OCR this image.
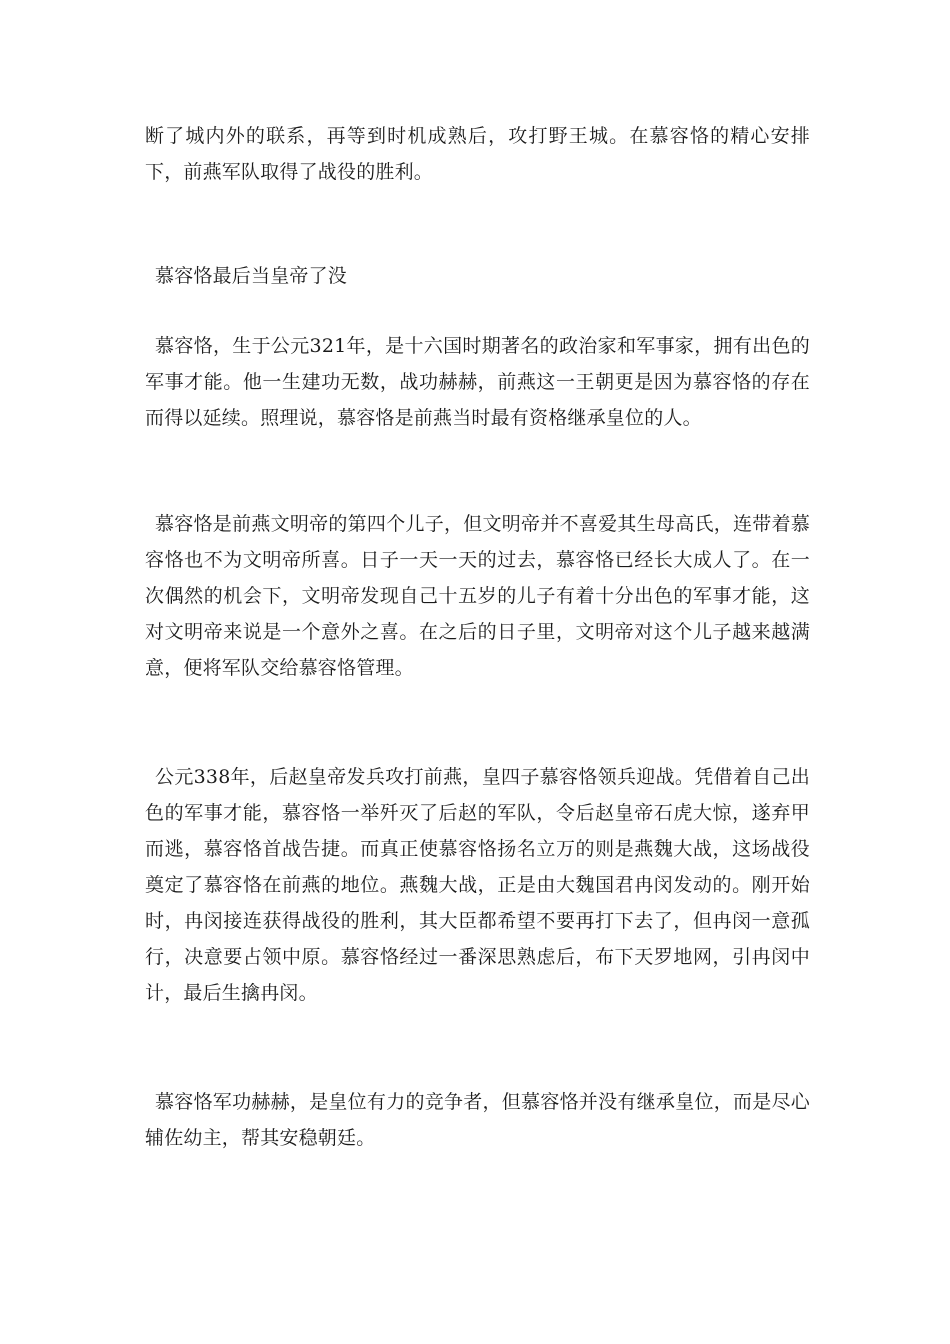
断了城内外的联系，再等到时机成熟后，攻打野王城。在慕容恪的精心安排下，前燕军队取得了战役的胜利。

慕容恪最后当皇帝了没

慕容恪，生于公元321年，是十六国时期著名的政治家和军事家，拥有出色的军事才能。他一生建功无数，战功赫赫，前燕这一王朝更是因为慕容恪的存在而得以延续。照理说，慕容恪是前燕当时最有资格继承皇位的人。

慕容恪是前燕文明帝的第四个儿子，但文明帝并不喜爱其生母高氏，连带着慕容恪也不为文明帝所喜。日子一天一天的过去，慕容恪已经长大成人了。在一次偶然的机会下，文明帝发现自己十五岁的儿子有着十分出色的军事才能，这对文明帝来说是一个意外之喜。在之后的日子里，文明帝对这个儿子越来越满意，便将军队交给慕容恪管理。

公元338年，后赵皇帝发兵攻打前燕，皇四子慕容恪领兵迎战。凭借着自己出色的军事才能，慕容恪一举歼灭了后赵的军队，令后赵皇帝石虎大惊，遂弃甲而逃，慕容恪首战告捷。而真正使慕容恪扬名立万的则是燕魏大战，这场战役奠定了慕容恪在前燕的地位。燕魏大战，正是由大魏国君冉闵发动的。刚开始时，冉闵接连获得战役的胜利，其大臣都希望不要再打下去了，但冉闵一意孤行，决意要占领中原。慕容恪经过一番深思熟虑后，布下天罗地网，引冉闵中计，最后生擒冉闵。

慕容恪军功赫赫，是皇位有力的竞争者，但慕容恪并没有继承皇位，而是尽心辅佐幼主，帮其安稳朝廷。
